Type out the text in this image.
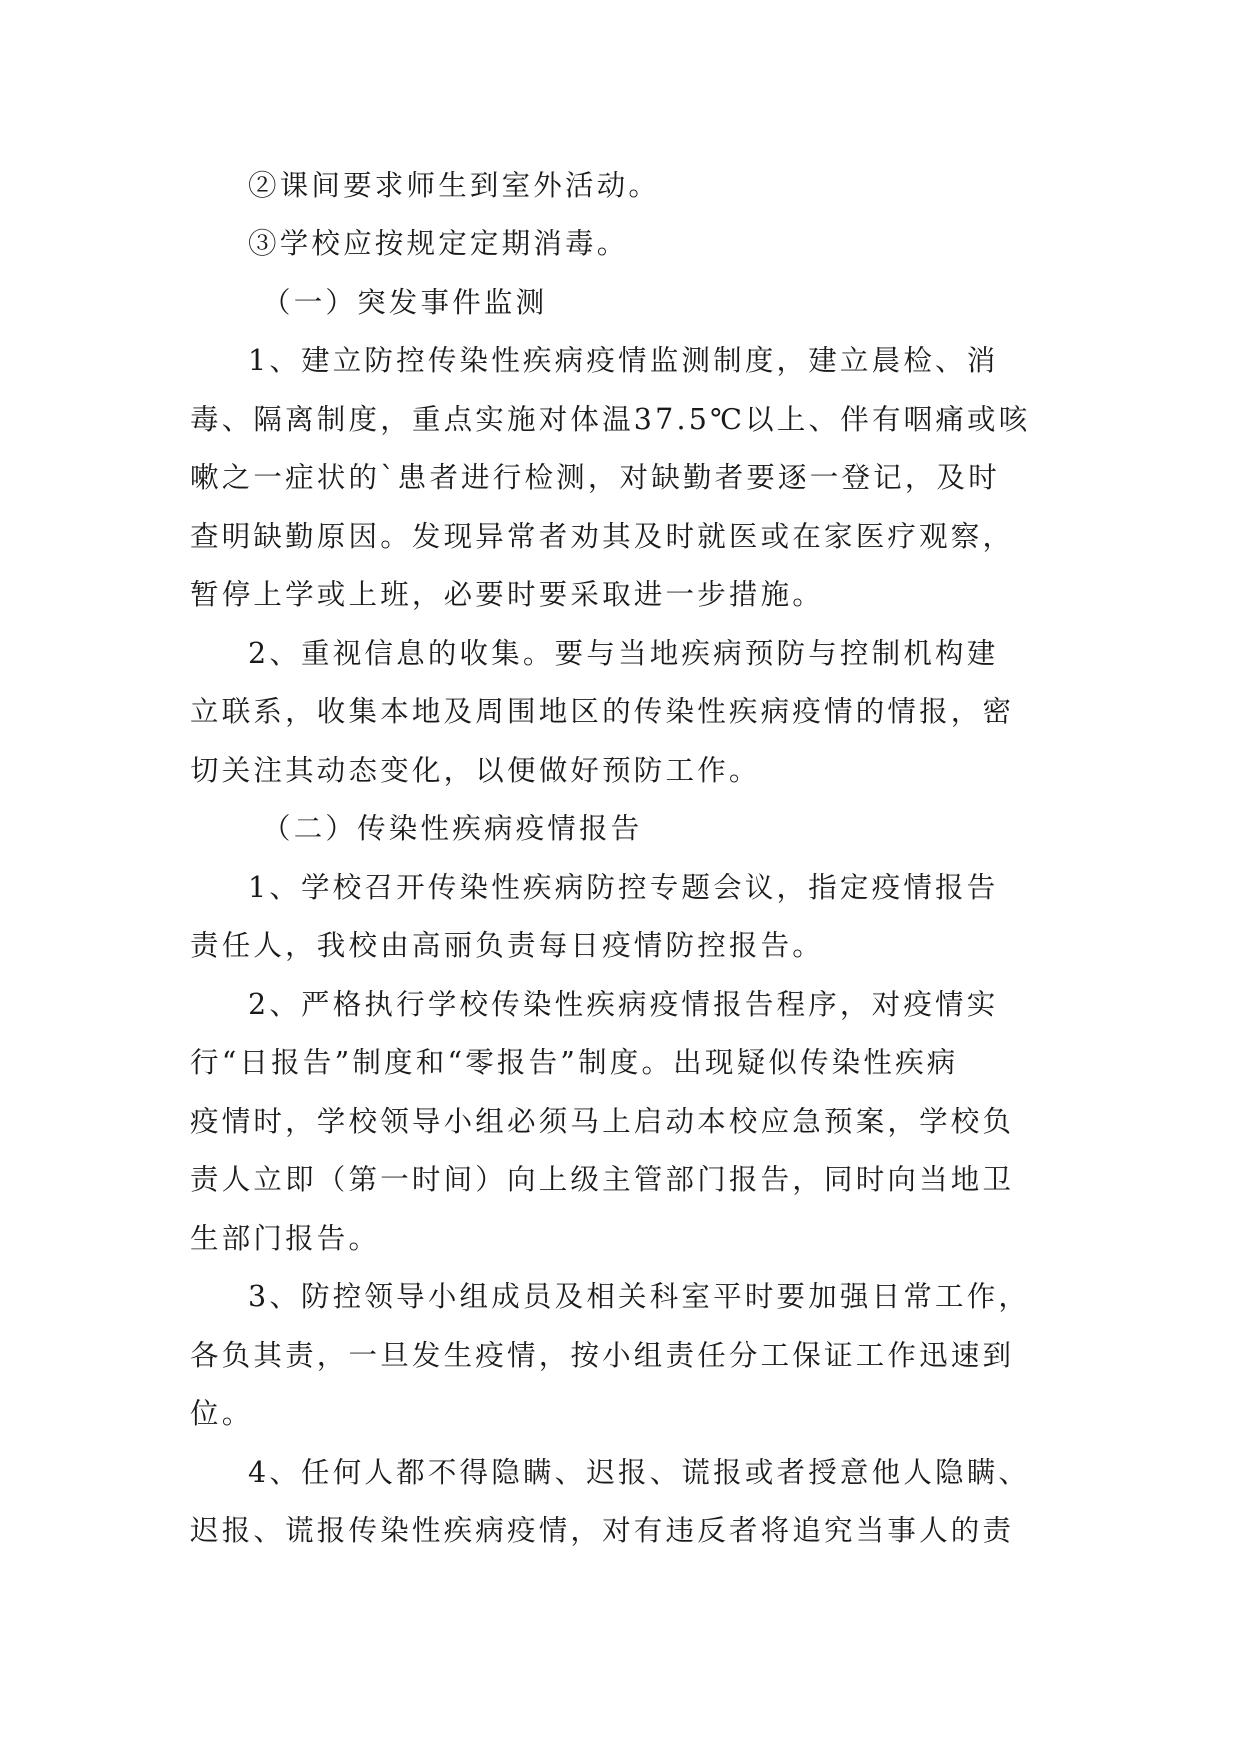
②课间要求师生到室外活动。
③学校应按规定定期消毒。
（一）突发事件监测
1、建立防控传染性疾病疫情监测制度，建立晨检、消
毒、隔离制度，重点实施对体温37.5℃以上、伴有咽痛或咳
嗽之一症状的`患者进行检测，对缺勤者要逐一登记，及时
查明缺勤原因。发现异常者劝其及时就医或在家医疗观察，
暂停上学或上班，必要时要采取进一步措施。
2、重视信息的收集。要与当地疾病预防与控制机构建
立联系，收集本地及周围地区的传染性疾病疫情的情报，密
切关注其动态变化，以便做好预防工作。
（二）传染性疾病疫情报告
1、学校召开传染性疾病防控专题会议，指定疫情报告
责任人，我校由高丽负责每日疫情防控报告。
2、严格执行学校传染性疾病疫情报告程序，对疫情实
行“日报告”制度和“零报告”制度。出现疑似传染性疾病
疫情时，学校领导小组必须马上启动本校应急预案，学校负
责人立即（第一时间）向上级主管部门报告，同时向当地卫
生部门报告。
3、防控领导小组成员及相关科室平时要加强日常工作，
各负其责，一旦发生疫情，按小组责任分工保证工作迅速到
位。
4、任何人都不得隐瞒、迟报、谎报或者授意他人隐瞒、
迟报、谎报传染性疾病疫情，对有违反者将追究当事人的责
